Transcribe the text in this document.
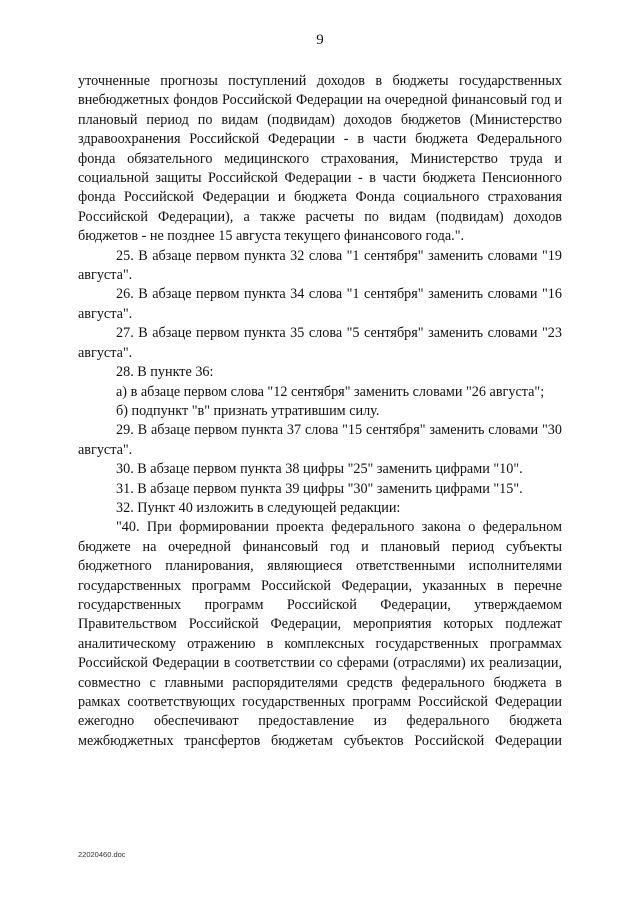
9

уточненные прогнозы поступлений доходов в бюджеты государственных внебюджетных фондов Российской Федерации на очередной финансовый год и плановый период по видам (подвидам) доходов бюджетов (Министерство здравоохранения Российской Федерации - в части бюджета Федерального фонда обязательного медицинского страхования, Министерство труда и социальной защиты Российской Федерации - в части бюджета Пенсионного фонда Российской Федерации и бюджета Фонда социального страхования Российской Федерации), а также расчеты по видам (подвидам) доходов бюджетов - не позднее 15 августа текущего финансового года.".

25. В абзаце первом пункта 32 слова "1 сентября" заменить словами "19 августа".

26. В абзаце первом пункта 34 слова "1 сентября" заменить словами "16 августа".

27. В абзаце первом пункта 35 слова "5 сентября" заменить словами "23 августа".

28. В пункте 36:

а) в абзаце первом слова "12 сентября" заменить словами "26 августа";

б) подпункт "в" признать утратившим силу.

29. В абзаце первом пункта 37 слова "15 сентября" заменить словами "30 августа".

30. В абзаце первом пункта 38 цифры "25" заменить цифрами "10".

31. В абзаце первом пункта 39 цифры "30" заменить цифрами "15".

32. Пункт 40 изложить в следующей редакции:

"40. При формировании проекта федерального закона о федеральном бюджете на очередной финансовый год и плановый период субъекты бюджетного планирования, являющиеся ответственными исполнителями государственных программ Российской Федерации, указанных в перечне государственных программ Российской Федерации, утверждаемом Правительством Российской Федерации, мероприятия которых подлежат аналитическому отражению в комплексных государственных программах Российской Федерации в соответствии со сферами (отраслями) их реализации, совместно с главными распорядителями средств федерального бюджета в рамках соответствующих государственных программ Российской Федерации ежегодно обеспечивают предоставление из федерального бюджета межбюджетных трансфертов бюджетам субъектов Российской Федерации

22020460.doc
